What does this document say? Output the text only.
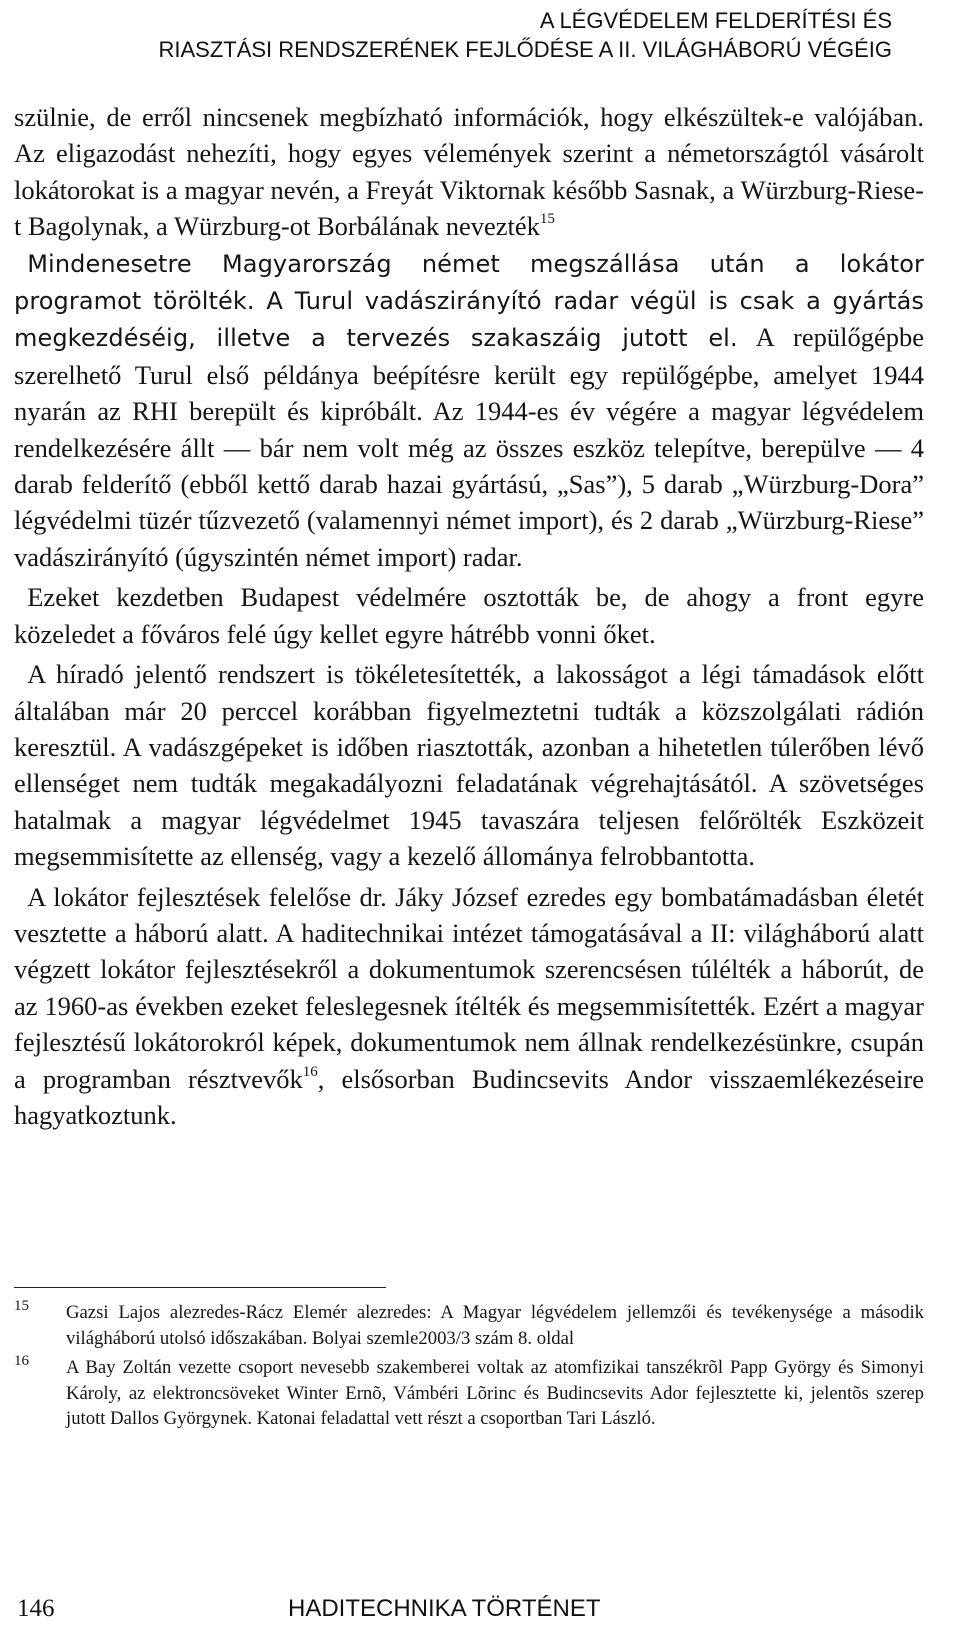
A LÉGVÉDELEM FELDERÍTÉSI ÉS
RIASZTÁSI RENDSZERÉNEK FEJLŐDÉSE A II. VILÁGHÁBORÚ VÉGÉIG

szülnie, de erről nincsenek megbízható információk, hogy elkészültek-e valójában. Az eligazodást nehezíti, hogy egyes vélemények szerint a németországtól vásárolt lokátorokat is a magyar nevén, a Freyát Viktornak később Sasnak, a Würzburg-Riese-t Bagolynak, a Würzburg-ot Borbálának nevezték$^{15}$

Mindenesetre Magyarország német megszállása után a lokátor programot törölték. A Turul vadászirányító radar végül is csak a gyártás megkezdéséig, illetve a tervezés szakaszáig jutott el. A repülőgépbe szerelhető Turul első példánya beépítésre került egy repülőgépbe, amelyet 1944 nyarán az RHI berepült és kipróbált. Az 1944-es év végére a magyar légvédelem rendelkezésére állt — bár nem volt még az összes eszköz telepítve, berepülve — 4 darab felderítő (ebből kettő darab hazai gyártású, „Sas”), 5 darab „Würzburg-Dora” légvédelmi tüzér tűzvezető (valamennyi német import), és 2 darab „Würzburg-Riese” vadászirányító (úgyszintén német import) radar.

Ezeket kezdetben Budapest védelmére osztották be, de ahogy a front egyre közeledet a főváros felé úgy kellet egyre hátrébb vonni őket.

A híradó jelentő rendszert is tökéletesítették, a lakosságot a légi támadások előtt általában már 20 perccel korábban figyelmeztetni tudták a közszolgálati rádión keresztül. A vadászgépeket is időben riasztották, azonban a hihetetlen túlerőben lévő ellenséget nem tudták megakadályozni feladatának végrehajtásától. A szövetséges hatalmak a magyar légvédelmet 1945 tavaszára teljesen felőrölték Eszközeit megsemmisítette az ellenség, vagy a kezelő állománya felrobbantotta.

A lokátor fejlesztések felelőse dr. Jáky József ezredes egy bombatámadásban életét vesztette a háború alatt. A haditechnikai intézet támogatásával a II: világháború alatt végzett lokátor fejlesztésekről a dokumentumok szerencsésen túlélték a háborút, de az 1960-as években ezeket feleslegesnek ítélték és megsemmisítették. Ezért a magyar fejlesztésű lokátorokról képek, dokumentumok nem állnak rendelkezésünkre, csupán a programban résztvevők$^{16}$, elsősorban Budincsevits Andor visszaemlékezéseire hagyatkoztunk.

15 Gazsi Lajos alezredes-Rácz Elemér alezredes: A Magyar légvédelem jellemzői és tevékenysége a második világháború utolsó időszakában. Bolyai szemle2003/3 szám 8. oldal
16 A Bay Zoltán vezette csoport nevesebb szakemberei voltak az atomfizikai tanszékrõl Papp György és Simonyi Károly, az elektroncsöveket Winter Ernõ, Vámbéri Lõrinc és Budincsevits Ador fejlesztette ki, jelentõs szerep jutott Dallos Györgynek. Katonai feladattal vett részt a csoportban Tari László.
146	HADITECHNIKA TÖRTÉNET
